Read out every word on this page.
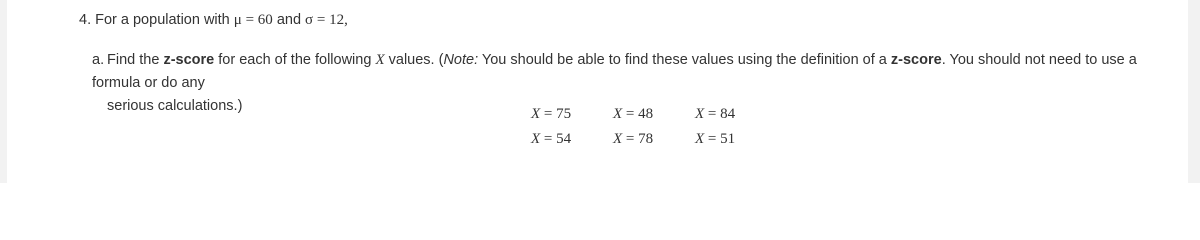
4. For a population with μ = 60 and σ = 12,
a. Find the z-score for each of the following X values. (Note: You should be able to find these values using the definition of a z-score. You should not need to use a formula or do any
serious calculations.)	X = 75	X = 48	X = 84
X = 54	X = 78	X = 51
